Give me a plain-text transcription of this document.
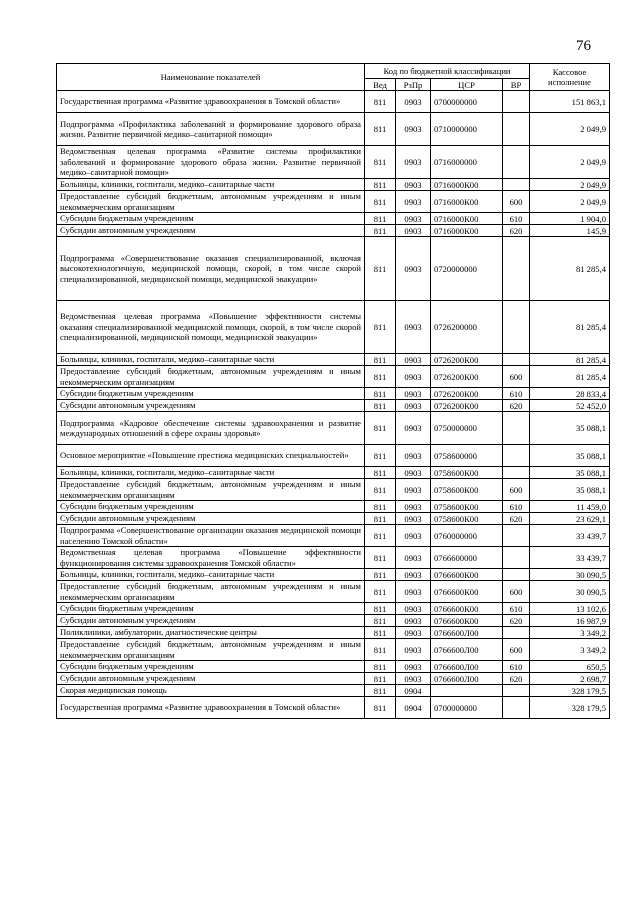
76
Наименование показателей	Код по бюджетной классификации				Кассовое исполнение
	Вед	РзПр	ЦСР	ВР	
Государственная программа «Развитие здравоохранения в Томской области»	811	0903	0700000000		151 863,1
Подпрограмма «Профилактика заболеваний и формирование здорового образа жизни. Развитие первичной медико–санитарной помощи»	811	0903	0710000000		2 049,9
Ведомственная целевая программа «Развитие системы профилактики заболеваний и формирование здорового образа жизни. Развитие первичной медико–санитарной помощи»	811	0903	0716000000		2 049,9
Больницы, клиники, госпитали, медико–санитарные части	811	0903	0716000К00		2 049,9
Предоставление субсидий бюджетным, автономным учреждениям и иным некоммерческим организациям	811	0903	0716000К00	600	2 049,9
Субсидии бюджетным учреждениям	811	0903	0716000К00	610	1 904,0
Субсидии автономным учреждениям	811	0903	0716000К00	620	145,9
Подпрограмма «Совершенствование оказания специализированной, включая высокотехнологичную, медицинской помощи, скорой, в том числе скорой специализированной, медицинской помощи, медицинской эвакуации»	811	0903	0720000000		81 285,4
Ведомственная целевая программа «Повышение эффективности системы оказания специализированной медицинской помощи, скорой, в том числе скорой специализированной, медицинской помощи, медицинской эвакуации»	811	0903	0726200000		81 285,4
Больницы, клиники, госпитали, медико–санитарные части	811	0903	0726200К00		81 285,4
Предоставление субсидий бюджетным, автономным учреждениям и иным некоммерческим организациям	811	0903	0726200К00	600	81 285,4
Субсидии бюджетным учреждениям	811	0903	0726200К00	610	28 833,4
Субсидии автономным учреждениям	811	0903	0726200К00	620	52 452,0
Подпрограмма «Кадровое обеспечение системы здравоохранения и развитие международных отношений в сфере охраны здоровья»	811	0903	0750000000		35 088,1
Основное мероприятие «Повышение престижа медицинских специальностей»	811	0903	0758600000		35 088,1
Больницы, клиники, госпитали, медико–санитарные части	811	0903	0758600К00		35 088,1
Предоставление субсидий бюджетным, автономным учреждениям и иным некоммерческим организациям	811	0903	0758600К00	600	35 088,1
Субсидии бюджетным учреждениям	811	0903	0758600К00	610	11 459,0
Субсидии автономным учреждениям	811	0903	0758600К00	620	23 629,1
Подпрограмма «Совершенствование организации оказания медицинской помощи населению Томской области»	811	0903	0760000000		33 439,7
Ведомственная целевая программа «Повышение эффективности функционирования системы здравоохранения Томской области»	811	0903	0766600000		33 439,7
Больницы, клиники, госпитали, медико–санитарные части	811	0903	0766600К00		30 090,5
Предоставление субсидий бюджетным, автономным учреждениям и иным некоммерческим организациям	811	0903	0766600К00	600	30 090,5
Субсидии бюджетным учреждениям	811	0903	0766600К00	610	13 102,6
Субсидии автономным учреждениям	811	0903	0766600К00	620	16 987,9
Поликлиники, амбулатории, диагностические центры	811	0903	0766600Л00		3 349,2
Предоставление субсидий бюджетным, автономным учреждениям и иным некоммерческим организациям	811	0903	0766600Л00	600	3 349,2
Субсидии бюджетным учреждениям	811	0903	0766600Л00	610	650,5
Субсидии автономным учреждениям	811	0903	0766600Л00	620	2 698,7
Скорая медицинская помощь	811	0904			328 179,5
Государственная программа «Развитие здравоохранения в Томской области»	811	0904	0700000000		328 179,5
